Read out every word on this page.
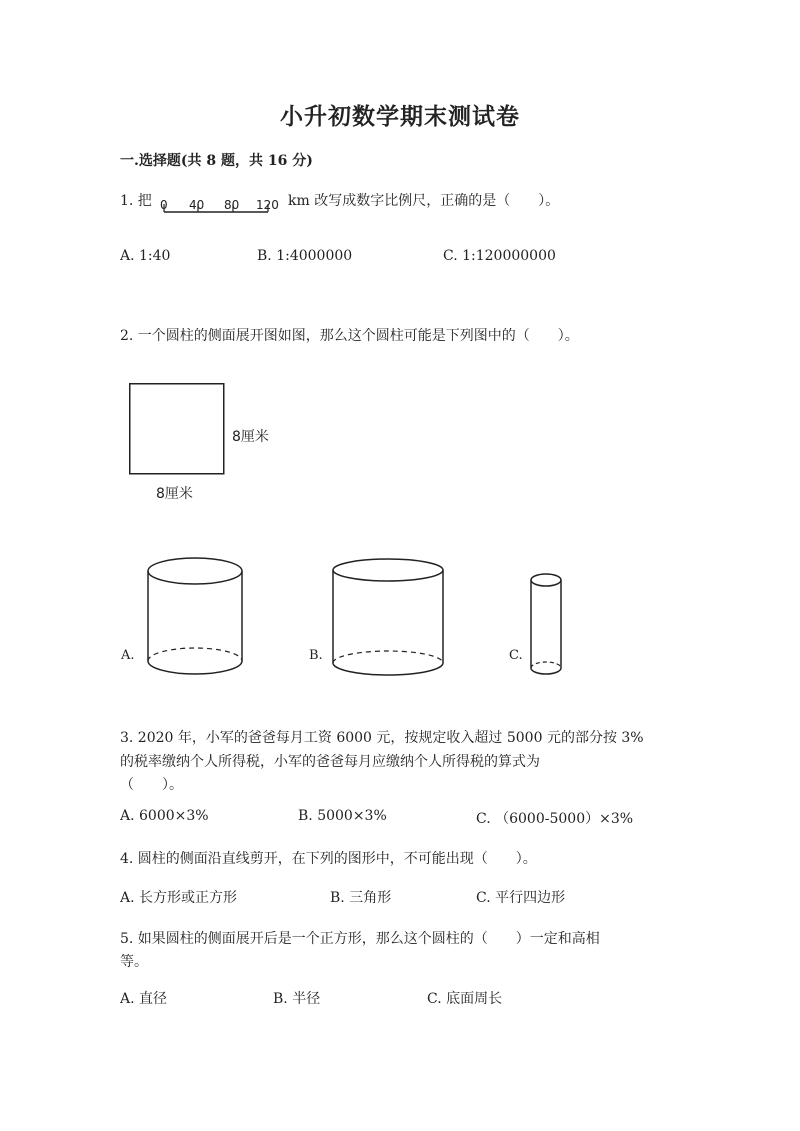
小升初数学期末测试卷
一.选择题(共 8 题，共 16 分)
1. 把 0 40 80 120 km 改写成数字比例尺，正确的是（　　）。
A. 1:40	B. 1:4000000	C. 1:120000000
2. 一个圆柱的侧面展开图如图，那么这个圆柱可能是下列图中的（　　）。
8厘米
8厘米
A.	B.	C.
3. 2020 年，小军的爸爸每月工资 6000 元，按规定收入超过 5000 元的部分按 3%
的税率缴纳个人所得税，小军的爸爸每月应缴纳个人所得税的算式为
（　　）。
A. 6000×3%	B. 5000×3%	C. （6000-5000）×3%
4. 圆柱的侧面沿直线剪开，在下列的图形中，不可能出现（　　）。
A. 长方形或正方形	B. 三角形	C. 平行四边形
5. 如果圆柱的侧面展开后是一个正方形，那么这个圆柱的（　　）一定和高相
等。
A. 直径	B. 半径	C. 底面周长
